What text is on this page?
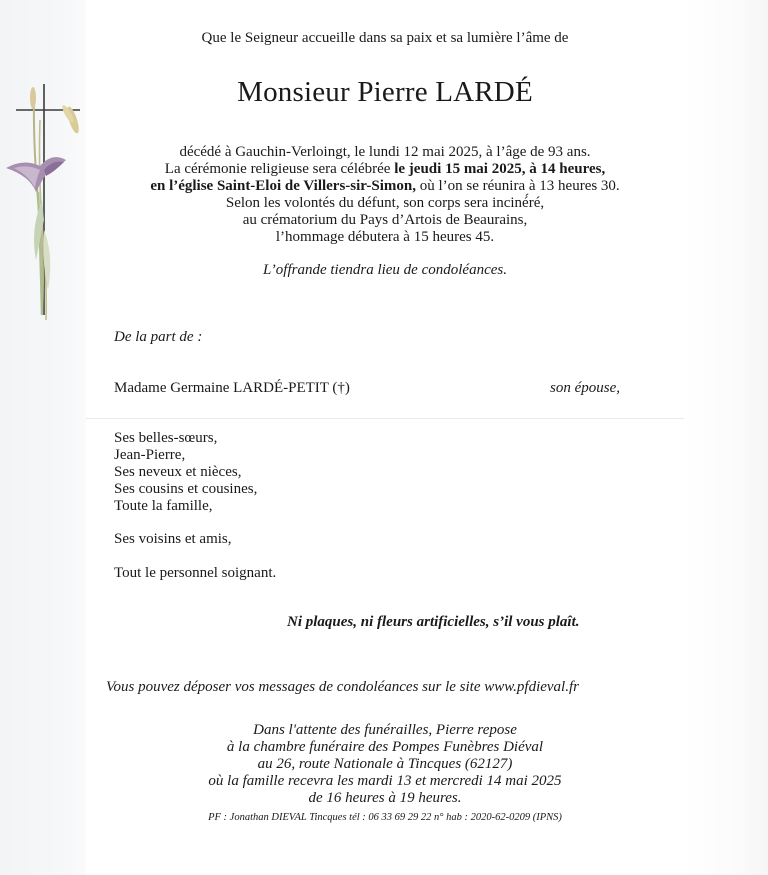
Que le Seigneur accueille dans sa paix et sa lumière l’âme de
Monsieur Pierre LARDÉ
décédé à Gauchin-Verloingt, le lundi 12 mai 2025, à l’âge de 93 ans.
La cérémonie religieuse sera célébrée le jeudi 15 mai 2025, à 14 heures,
en l’église Saint-Eloi de Villers-sir-Simon, où l’on se réunira à 13 heures 30.
Selon les volontés du défunt, son corps sera inciné́ré,
au crématorium du Pays d’Artois de Beaurains,
l’hommage débutera à 15 heures 45.
L’offrande tiendra lieu de condoléances.
De la part de :
Madame Germaine LARDÉ-PETIT (†)	son épouse,
Ses belles-sœurs,
Jean-Pierre,
Ses neveux et nièces,
Ses cousins et cousines,
Toute la famille,
Ses voisins et amis,
Tout le personnel soignant.
Ni plaques, ni fleurs artificielles, s’il vous plaît.
Vous pouvez déposer vos messages de condoléances sur le site www.pfdieval.fr
Dans l'attente des funérailles, Pierre repose
à la chambre funéraire des Pompes Funèbres Diéval
au 26, route Nationale à Tincques (62127)
où la famille recevra les mardi 13 et mercredi 14 mai 2025
de 16 heures à 19 heures.
PF : Jonathan DIEVAL Tincques tél : 06 33 69 29 22 n° hab : 2020-62-0209 (IPNS)
